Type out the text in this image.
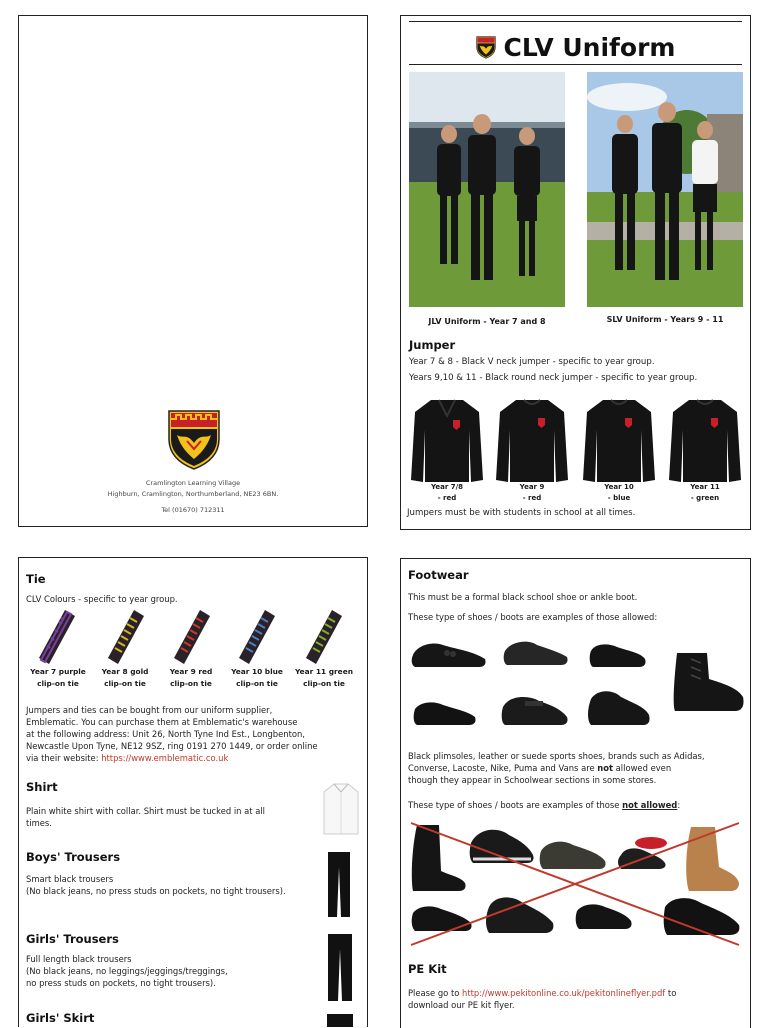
Cramlington Learning Village
Highburn, Cramlington, Northumberland, NE23 6BN.
Tel (01670) 712311
CLV Uniform
JLV Uniform - Year 7 and 8	SLV Uniform - Years 9 - 11
Jumper
Year 7 & 8 - Black V neck jumper - specific to year group.
Years 9,10 & 11 - Black round neck jumper - specific to year group.
Year 7/8
- red
Year 9
- red
Year 10
- blue
Year 11
- green
Jumpers must be with students in school at all times.
Tie
CLV Colours - specific to year group.
Year 7 purple
clip-on tie
Year 8 gold
clip-on tie
Year 9 red
clip-on tie
Year 10 blue
clip-on tie
Year 11 green
clip-on tie
Jumpers and ties can be bought from our uniform supplier,
Emblematic. You can purchase them at Emblematic's warehouse
at the following address: Unit 26, North Tyne Ind Est., Longbenton,
Newcastle Upon Tyne, NE12 9SZ, ring 0191 270 1449, or order online
via their website: https://www.emblematic.co.uk
Shirt
Plain white shirt with collar. Shirt must be tucked in at all
times.
Boys' Trousers
Smart black trousers
(No black jeans, no press studs on pockets, no tight trousers).
Girls' Trousers
Full length black trousers
(No black jeans, no leggings/jeggings/treggings,
no press studs on pockets, no tight trousers).
Girls' Skirt
Footwear
This must be a formal black school shoe or ankle boot.
These type of shoes / boots are examples of those allowed:
Black plimsoles, leather or suede sports shoes, brands such as Adidas,
Converse, Lacoste, Nike, Puma and Vans are not allowed even
though they appear in Schoolwear sections in some stores.
These type of shoes / boots are examples of those not allowed:
PE Kit
Please go to http://www.pekitonline.co.uk/pekitonlineflyer.pdf to
download our PE kit flyer.
